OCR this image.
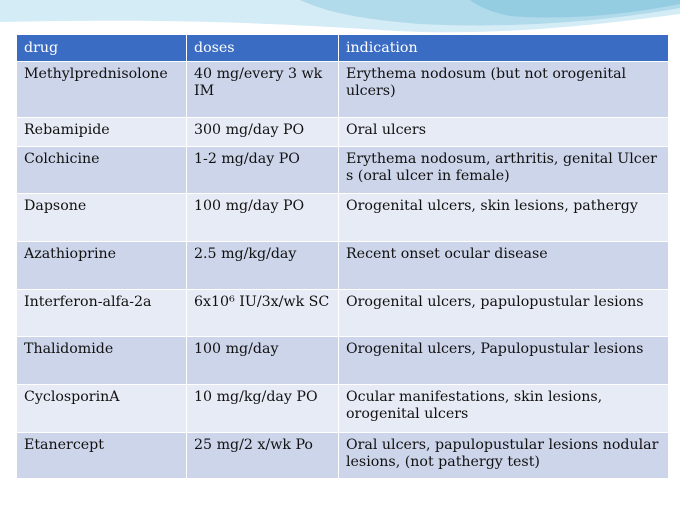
drug	doses	indication
Methylprednisolone	40 mg/every 3 wk IM	Erythema nodosum (but not orogenital ulcers)
Rebamipide	300 mg/day PO	Oral ulcers
Colchicine	1-2 mg/day PO	Erythema nodosum, arthritis, genital Ulcer s (oral ulcer in female)
Dapsone	100 mg/day PO	Orogenital ulcers, skin lesions, pathergy
Azathioprine	2.5 mg/kg/day	Recent onset ocular disease
Interferon-alfa-2a	6x10⁶ IU/3x/wk SC	Orogenital ulcers, papulopustular lesions
Thalidomide	100 mg/day	Orogenital ulcers, Papulopustular lesions
CyclosporinA	10 mg/kg/day PO	Ocular manifestations, skin lesions, orogenital ulcers
Etanercept	25 mg/2 x/wk Po	Oral ulcers, papulopustular lesions nodular lesions, (not pathergy test)
